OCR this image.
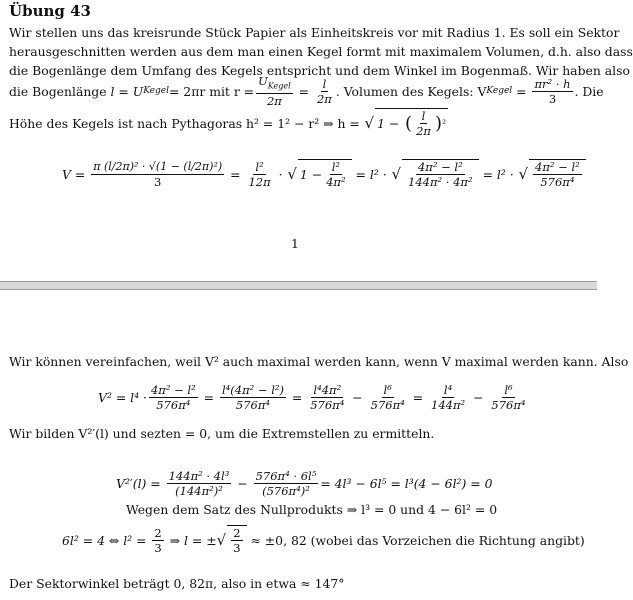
Übung 43
Wir stellen uns das kreisrunde Stück Papier als Einheitskreis vor mit Radius 1. Es soll ein Sektor
herausgeschnitten werden aus dem man einen Kegel formt mit maximalem Volumen, d.h. also dass
die Bogenlänge dem Umfang des Kegels entspricht und dem Winkel im Bogenmaß. Wir haben also
die Bogenlänge
l = U Kegel = 2πr mit $r = \frac{U_{Kegel}}{2\pi} = \frac{l}{2\pi}$ . Volumen des Kegels: V Kegel = $\frac{\text{πr² · h}}{3}$ . Die
Höhe des Kegels ist nach Pythagoras h² = 1² − r² ⇒ h = √ 1 − ( $\frac{l}{2\pi}$ ) ²
V =
$\frac{\text{π (l/2π)² · √(1 − (l/2π)²)}}{3}$
=
$\frac{\text{l²}}{12\pi}$
· √ $1 - \frac{\text{l²}}{\text{4π²}}$
=
l² · √ $\frac{\text{4π² − l²}}{\text{144π² · 4π²}}$
=
l² · √ $\frac{\text{4π² − l²}}{\text{576π⁴}}$
1
Wir können vereinfachen, weil V² auch maximal werden kann, wenn V maximal werden kann. Also
$V^2 = l^4 \cdot \frac{\text{4π² − l²}}{\text{576π⁴}} = \frac{\text{l⁴(4π² − l²)}}{\text{576π⁴}} = \frac{\text{l⁴4π²}}{\text{576π⁴}} - \frac{\text{l⁶}}{\text{576π⁴}} = \frac{\text{l⁴}}{\text{144π²}} - \frac{\text{l⁶}}{\text{576π⁴}}$
Wir bilden V²′(l) und sezten = 0, um die Extremstellen zu ermitteln.
V²′(l) =
$\frac{\text{144π² · 4l³}}{\text{(144π²)²}} - \frac{\text{576π⁴ · 6l⁵}}{\text{(576π⁴)²}} = 4l^3 - 6l^5 = l^3(4 - 6l^2) = 0$
Wegen dem Satz des Nullprodukts ⇒ l³ = 0 und 4 − 6l² = 0
6l² = 4 ⇔ l² =
$\frac{2}{3}$
⇒ l = ± √ $\frac{2}{3}$
≈ ±0, 82 (wobei das Vorzeichen die Richtung angibt)
Der Sektorwinkel beträgt 0, 82π, also in etwa ≈ 147°
